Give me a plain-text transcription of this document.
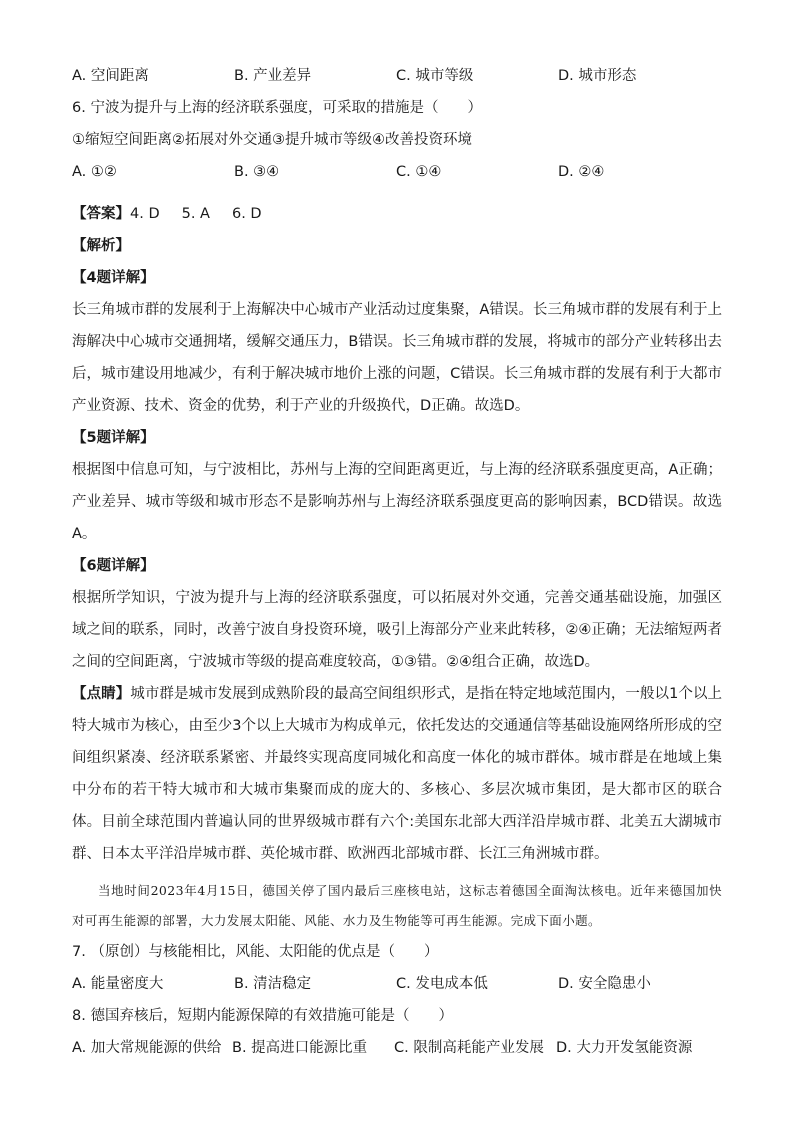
A. 空间距离	B. 产业差异	C. 城市等级	D. 城市形态
6. 宁波为提升与上海的经济联系强度，可采取的措施是（　　）
①缩短空间距离②拓展对外交通③提升城市等级④改善投资环境
A. ①②	B. ③④	C. ①④	D. ②④
【答案】4. D 5. A 6. D
【解析】
【4题详解】

长三角城市群的发展利于上海解决中心城市产业活动过度集聚，A错误。长三角城市群的发展有利于上海解决中心城市交通拥堵，缓解交通压力，B错误。长三角城市群的发展，将城市的部分产业转移出去后，城市建设用地减少，有利于解决城市地价上涨的问题，C错误。长三角城市群的发展有利于大都市产业资源、技术、资金的优势，利于产业的升级换代，D正确。故选D。

【5题详解】

根据图中信息可知，与宁波相比，苏州与上海的空间距离更近，与上海的经济联系强度更高，A正确；产业差异、城市等级和城市形态不是影响苏州与上海经济联系强度更高的影响因素，BCD错误。故选A。

【6题详解】

根据所学知识，宁波为提升与上海的经济联系强度，可以拓展对外交通，完善交通基础设施，加强区域之间的联系，同时，改善宁波自身投资环境，吸引上海部分产业来此转移，②④正确；无法缩短两者之间的空间距离，宁波城市等级的提高难度较高，①③错。②④组合正确，故选D。

【点睛】城市群是城市发展到成熟阶段的最高空间组织形式，是指在特定地域范围内，一般以1个以上特大城市为核心，由至少3个以上大城市为构成单元，依托发达的交通通信等基础设施网络所形成的空间组织紧凑、经济联系紧密、并最终实现高度同城化和高度一体化的城市群体。城市群是在地域上集中分布的若干特大城市和大城市集聚而成的庞大的、多核心、多层次城市集团，是大都市区的联合体。目前全球范围内普遍认同的世界级城市群有六个:美国东北部大西洋沿岸城市群、北美五大湖城市群、日本太平洋沿岸城市群、英伦城市群、欧洲西北部城市群、长江三角洲城市群。

当地时间2023年4月15日，德国关停了国内最后三座核电站，这标志着德国全面淘汰核电。近年来德国加快对可再生能源的部署，大力发展太阳能、风能、水力及生物能等可再生能源。完成下面小题。

7. （原创）与核能相比，风能、太阳能的优点是（　　）
A. 能量密度大	B. 清洁稳定	C. 发电成本低	D. 安全隐患小
8. 德国弃核后，短期内能源保障的有效措施可能是（　　）
A. 加大常规能源的供给 B. 提高进口能源比重	C. 限制高耗能产业发展 D. 大力开发氢能资源
